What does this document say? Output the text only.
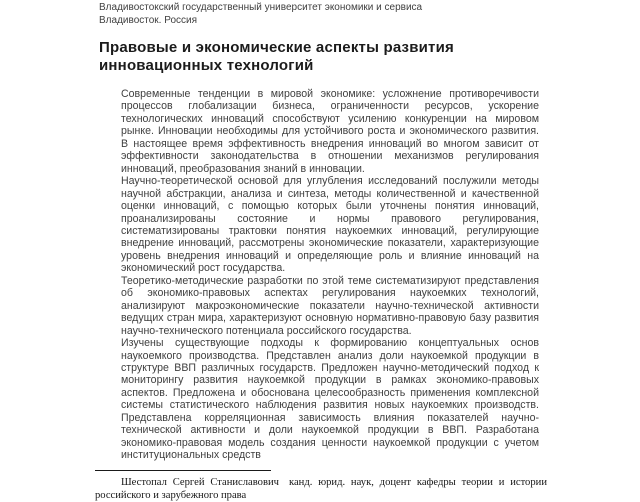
Владивостокский государственный университет экономики и сервиса
Владивосток. Россия
Правовые и экономические аспекты развития инновационных технологий

Современные тенденции в мировой экономике: усложнение противоречивости процессов глобализации бизнеса, ограниченности ресурсов, ускорение технологических инноваций способствуют усилению конкуренции на мировом рынке. Инновации необходимы для устойчивого роста и экономического развития. В настоящее время эффективность внедрения инноваций во многом зависит от эффективности законодательства в отношении механизмов регулирования инноваций, преобразования знаний в инновации.

Научно-теоретической основой для углубления исследований послужили методы научной абстракции, анализа и синтеза, методы количественной и качественной оценки инноваций, с помощью которых были уточнены понятия инноваций, проанализированы состояние и нормы правового регулирования, систематизированы трактовки понятия наукоемких инноваций, регулирующие внедрение инноваций, рассмотрены экономические показатели, характеризующие уровень внедрения инноваций и определяющие роль и влияние инноваций на экономический рост государства.

Теоретико-методические разработки по этой теме систематизируют представления об экономико-правовых аспектах регулирования наукоемких технологий, анализируют макроэкономические показатели научно-технической активности ведущих стран мира, характеризуют основную нормативно-правовую базу развития научно-технического потенциала российского государства.

Изучены существующие подходы к формированию концептуальных основ наукоемкого производства. Представлен анализ доли наукоемкой продукции в структуре ВВП различных государств. Предложен научно-методический подход к мониторингу развития наукоемкой продукции в рамках экономико-правовых аспектов. Предложена и обоснована целесообразность применения комплексной системы статистического наблюдения развития новых наукоемких производств. Представлена корреляционная зависимость влияния показателей научно-технической активности и доли наукоемкой продукции в ВВП. Разработана экономико-правовая модель создания ценности наукоемкой продукции с учетом институциональных средств

Шестопал Сергей Станиславович канд. юрид. наук, доцент кафедры теории и истории российского и зарубежного права
